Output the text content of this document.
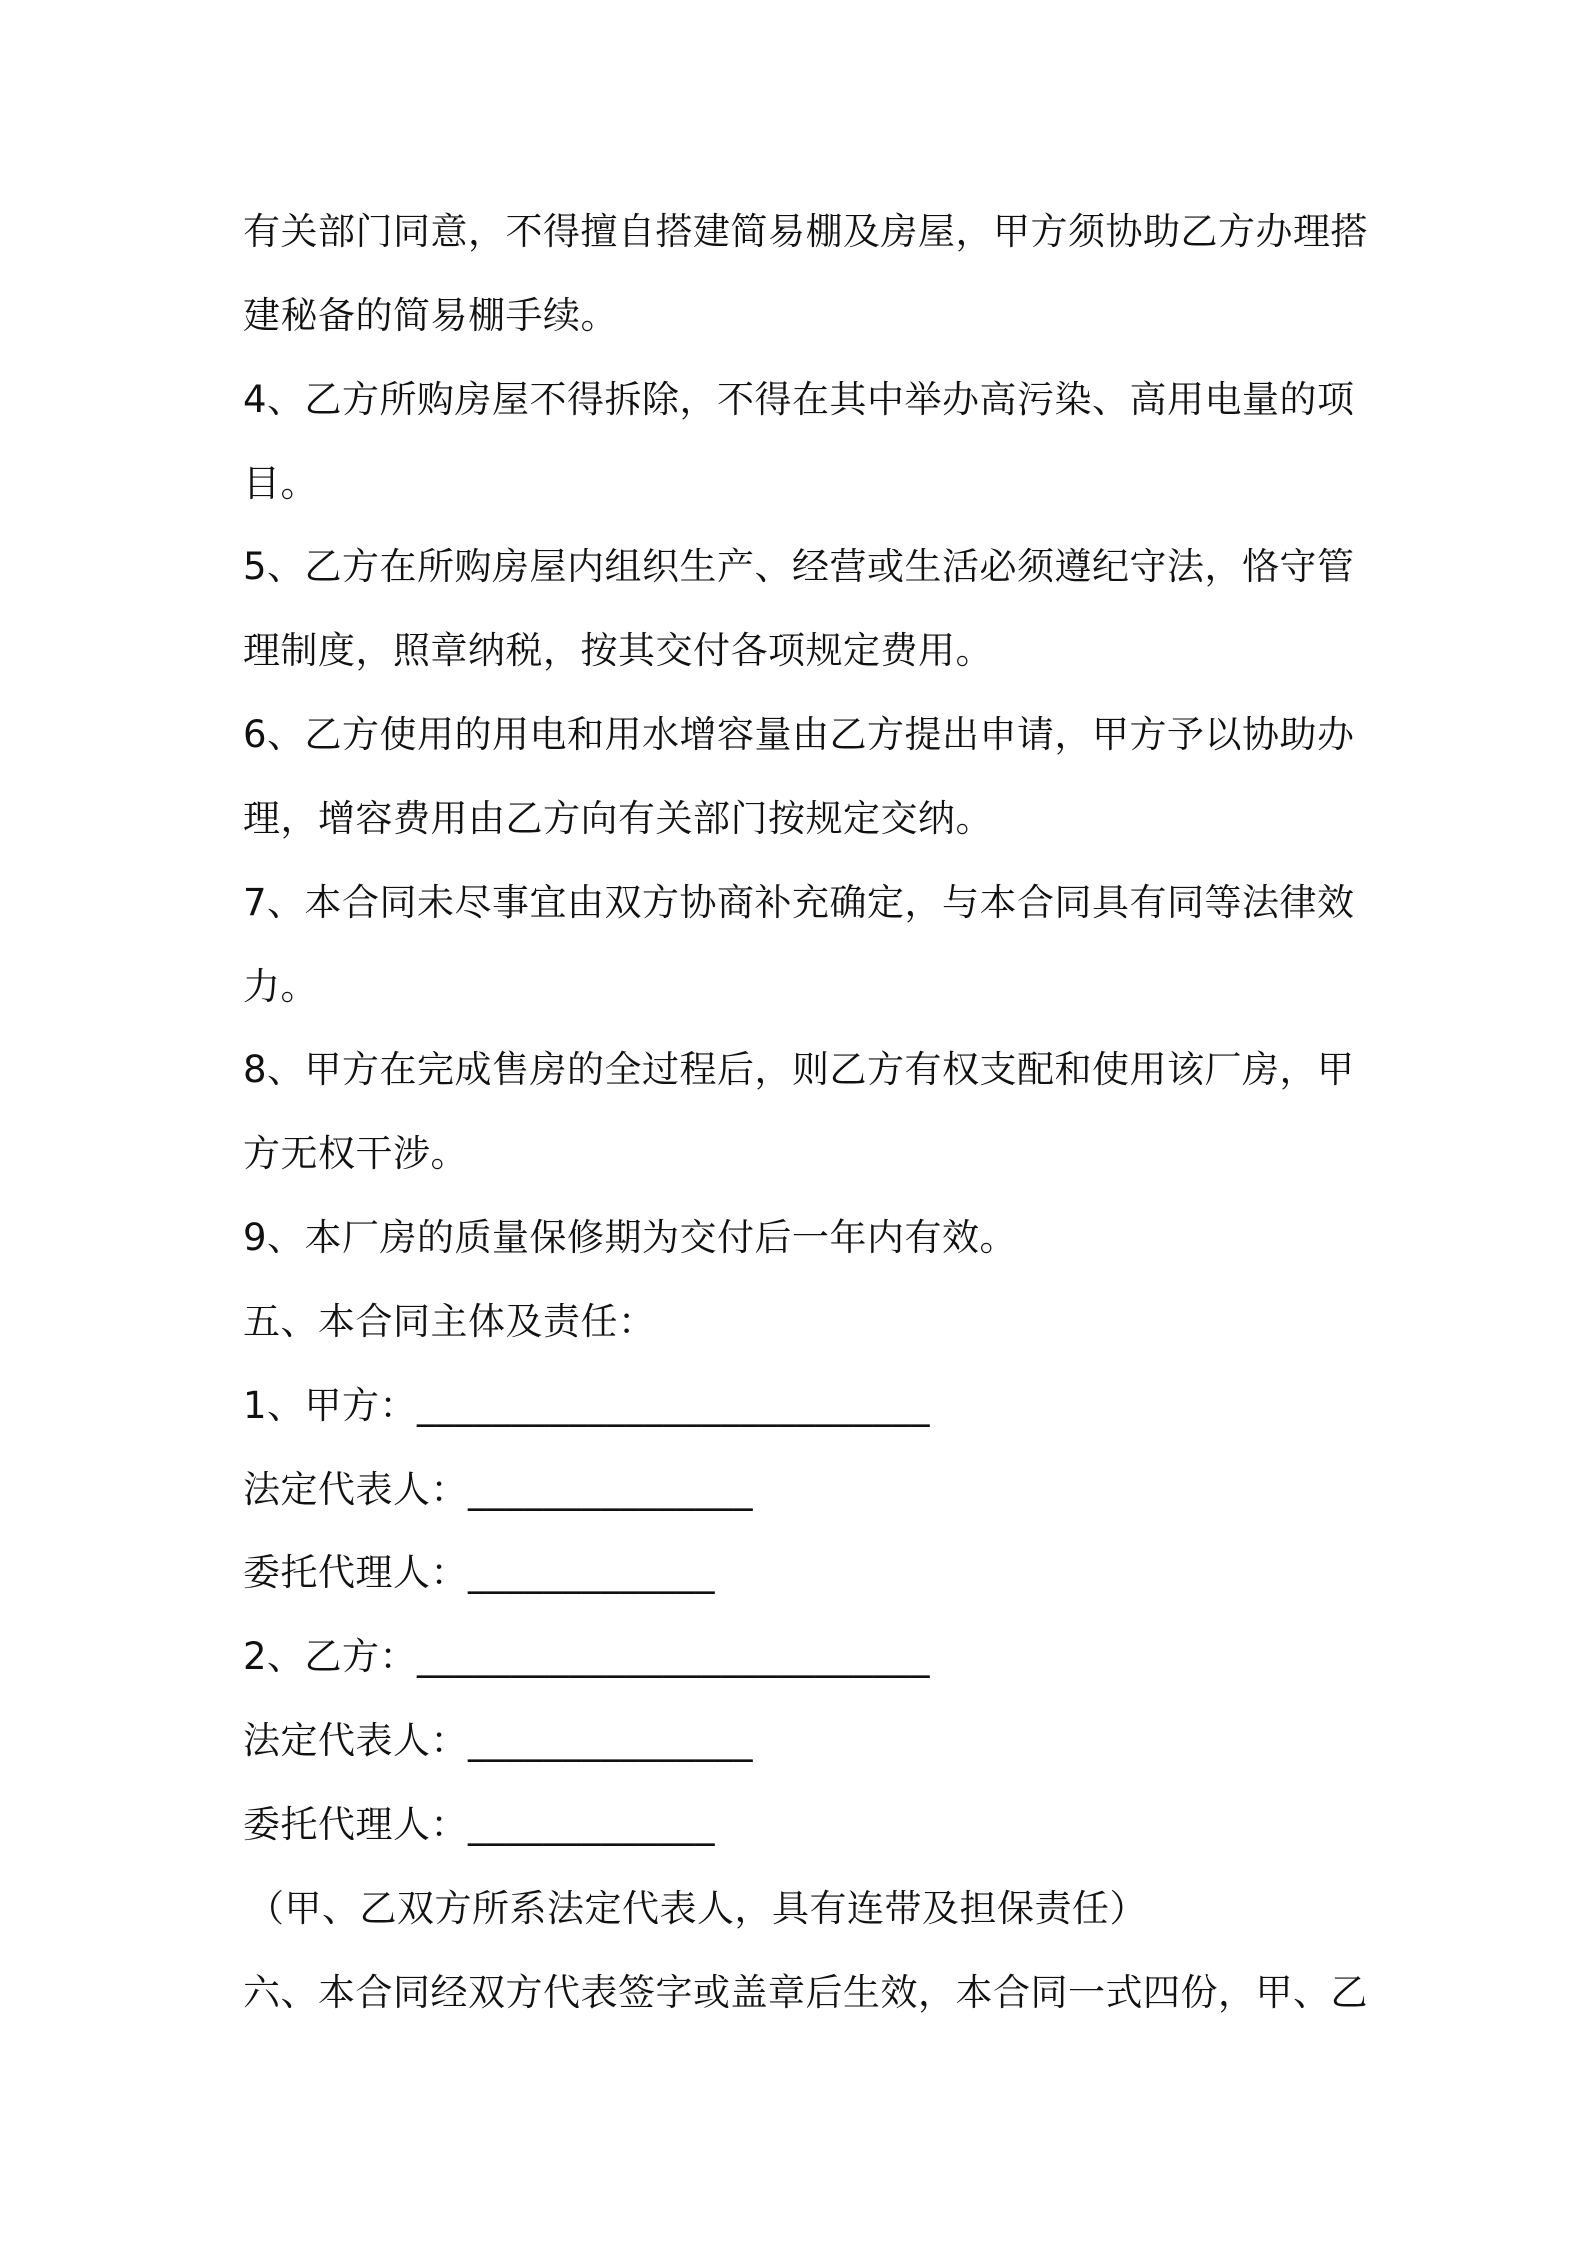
有关部门同意，不得擅自搭建简易棚及房屋，甲方须协助乙方办理搭

建秘备的简易棚手续。

4、乙方所购房屋不得拆除，不得在其中举办高污染、高用电量的项

目。

5、乙方在所购房屋内组织生产、经营或生活必须遵纪守法，恪守管

理制度，照章纳税，按其交付各项规定费用。

6、乙方使用的用电和用水增容量由乙方提出申请，甲方予以协助办

理，增容费用由乙方向有关部门按规定交纳。

7、本合同未尽事宜由双方协商补充确定，与本合同具有同等法律效

力。

8、甲方在完成售房的全过程后，则乙方有权支配和使用该厂房，甲

方无权干涉。

9、本厂房的质量保修期为交付后一年内有效。

五、本合同主体及责任：

1、甲方：___________________________

法定代表人：_______________

委托代理人：_____________

2、乙方：___________________________

法定代表人：_______________

委托代理人：_____________

（甲、乙双方所系法定代表人，具有连带及担保责任）

六、本合同经双方代表签字或盖章后生效，本合同一式四份，甲、乙
